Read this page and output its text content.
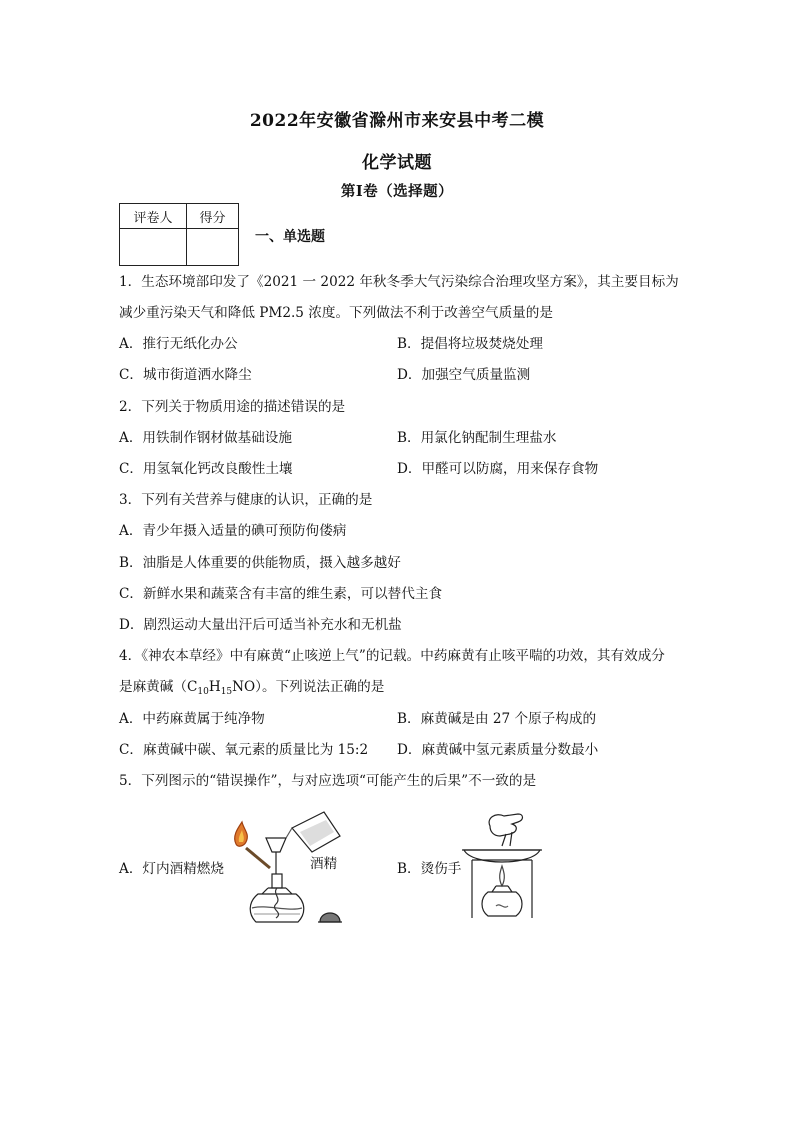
2022年安徽省滁州市来安县中考二模
化学试题
第I卷（选择题）
评卷人	得分

一、单选题
1．生态环境部印发了《2021 一 2022 年秋冬季大气污染综合治理攻坚方案》，其主要目标为
减少重污染天气和降低 PM2.5 浓度。下列做法不利于改善空气质量的是
A．推行无纸化办公	B．提倡将垃圾焚烧处理
C．城市街道洒水降尘	D．加强空气质量监测
2．下列关于物质用途的描述错误的是
A．用铁制作钢材做基础设施	B．用氯化钠配制生理盐水
C．用氢氧化钙改良酸性土壤	D．甲醛可以防腐，用来保存食物
3．下列有关营养与健康的认识，正确的是
A．青少年摄入适量的碘可预防佝偻病
B．油脂是人体重要的供能物质，摄入越多越好
C．新鲜水果和蔬菜含有丰富的维生素，可以替代主食
D．剧烈运动大量出汗后可适当补充水和无机盐
4．《神农本草经》中有麻黄“止咳逆上气”的记载。中药麻黄有止咳平喘的功效，其有效成分
是麻黄碱$(C_{10}H_{15}NO)$。下列说法正确的是
A．中药麻黄属于纯净物	B．麻黄碱是由 27 个原子构成的
C．麻黄碱中碳、氧元素的质量比为 15:2 D．麻黄碱中氢元素质量分数最小
5．下列图示的“错误操作”，与对应选项“可能产生的后果”不一致的是
A．灯内酒精燃烧	B．烫伤手
酒精
